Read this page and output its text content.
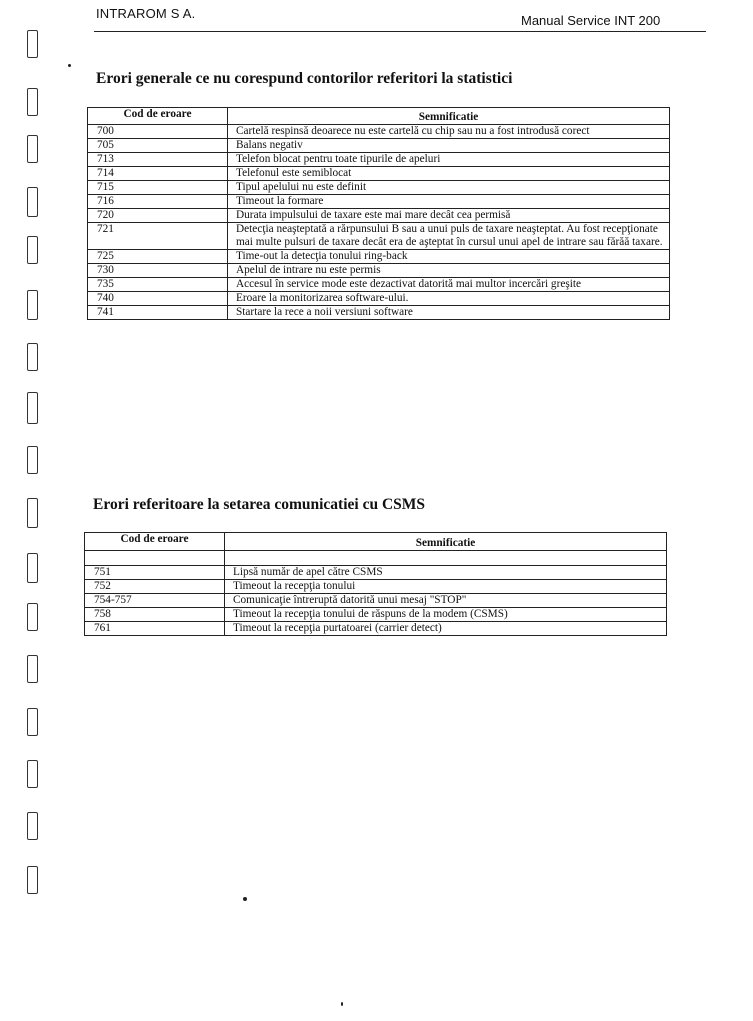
INTRAROM S A.	Manual Service INT 200
Erori generale ce nu corespund contorilor referitori la statistici
Cod de eroare	Semnificatie
700	Cartelă respinsă deoarece nu este cartelă cu chip sau nu a fost introdusă corect
705	Balans negativ
713	Telefon blocat pentru toate tipurile de apeluri
714	Telefonul este semiblocat
715	Tipul apelului nu este definit
716	Timeout la formare
720	Durata impulsului de taxare este mai mare decât cea permisă
721	Detecţia neaşteptată a rărpunsului B sau a unui puls de taxare neaşteptat. Au fost recepţionate mai multe pulsuri de taxare decât era de aşteptat în cursul unui apel de intrare sau fărăă taxare.
725	Time-out la detecţia tonului ring-back
730	Apelul de intrare nu este permis
735	Accesul în service mode este dezactivat datorită mai multor incercări greşite
740	Eroare la monitorizarea software-ului.
741	Startare la rece a noii versiuni software
Erori referitoare la setarea comunicatiei cu CSMS
Cod de eroare	Semnificatie

751	Lipsă număr de apel către CSMS
752	Timeout la recepţia tonului
754-757	Comunicaţie întreruptă datorită unui mesaj "STOP"
758	Timeout la recepţia tonului de răspuns de la modem (CSMS)
761	Timeout la recepţia purtatoarei (carrier detect)
